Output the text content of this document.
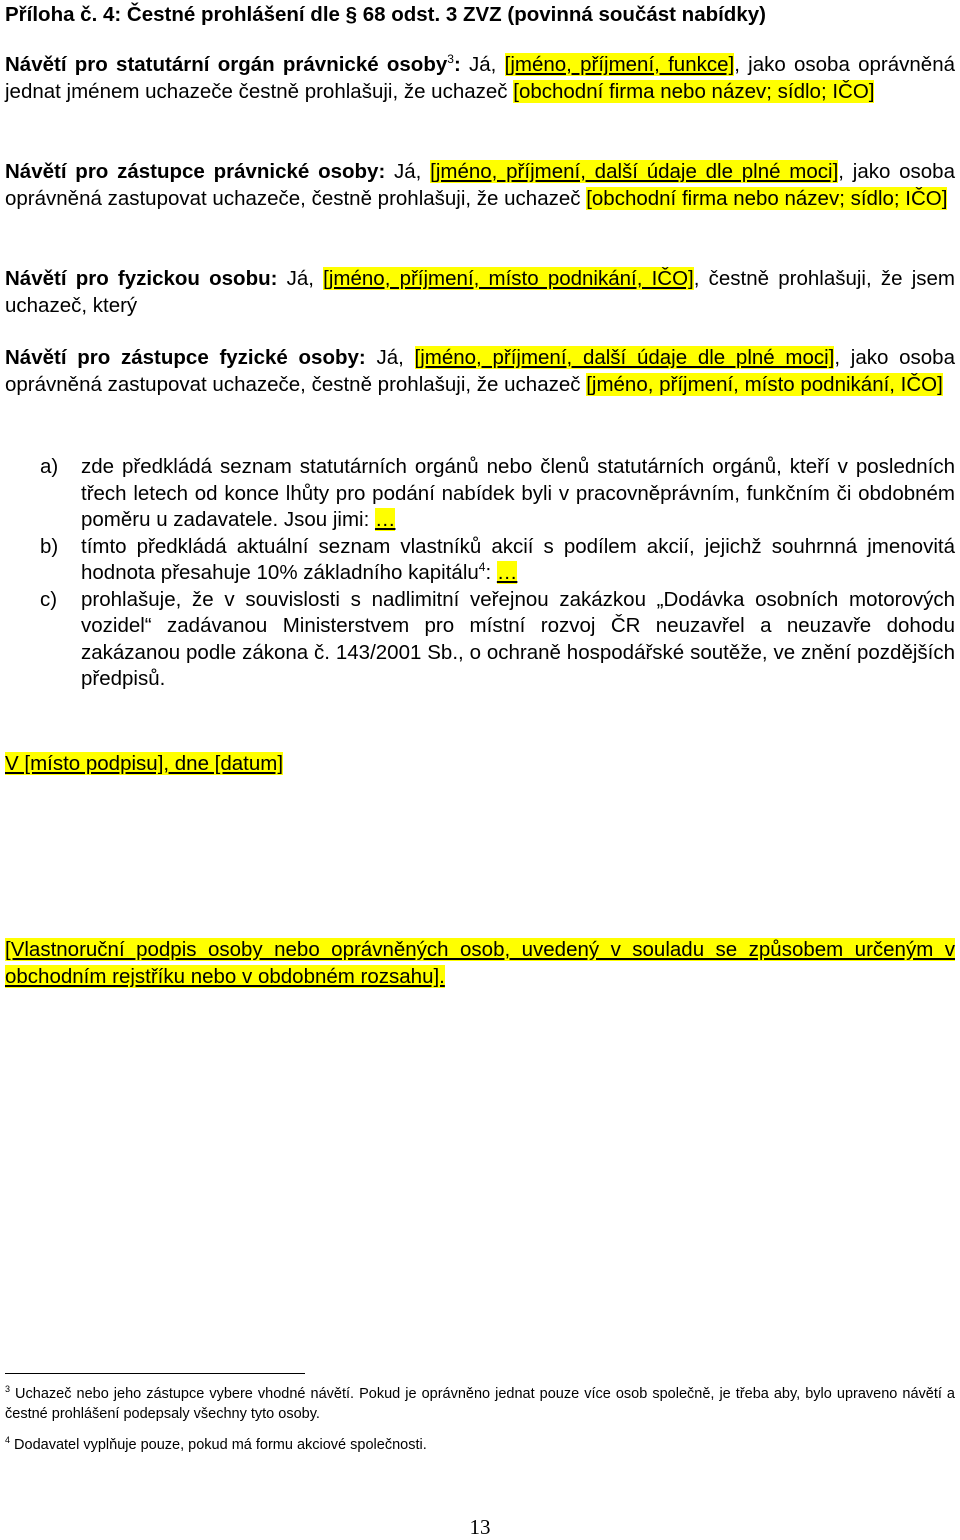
Příloha č. 4: Čestné prohlášení dle § 68 odst. 3 ZVZ (povinná součást nabídky)
Návětí pro statutární orgán právnické osoby$^3$: Já, [jméno, příjmení, funkce], jako osoba oprávněná jednat jménem uchazeče čestně prohlašuji, že uchazeč [obchodní firma nebo název; sídlo; IČO]
Návětí pro zástupce právnické osoby: Já, [jméno, příjmení, další údaje dle plné moci], jako osoba oprávněná zastupovat uchazeče, čestně prohlašuji, že uchazeč [obchodní firma nebo název; sídlo; IČO]
Návětí pro fyzickou osobu: Já, [jméno, příjmení, místo podnikání, IČO], čestně prohlašuji, že jsem uchazeč, který
Návětí pro zástupce fyzické osoby: Já, [jméno, příjmení, další údaje dle plné moci], jako osoba oprávněná zastupovat uchazeče, čestně prohlašuji, že uchazeč [jméno, příjmení, místo podnikání, IČO]
a) zde předkládá seznam statutárních orgánů nebo členů statutárních orgánů, kteří v posledních třech letech od konce lhůty pro podání nabídek byli v pracovněprávním, funkčním či obdobném poměru u zadavatele. Jsou jimi: …
b) tímto předkládá aktuální seznam vlastníků akcií s podílem akcií, jejichž souhrnná jmenovitá hodnota přesahuje 10% základního kapitálu$^4$: …
c) prohlašuje, že v souvislosti s nadlimitní veřejnou zakázkou „Dodávka osobních motorových vozidel“ zadávanou Ministerstvem pro místní rozvoj ČR neuzavřel a neuzavře dohodu zakázanou podle zákona č. 143/2001 Sb., o ochraně hospodářské soutěže, ve znění pozdějších předpisů.
V [místo podpisu], dne [datum]
[Vlastnoruční podpis osoby nebo oprávněných osob, uvedený v souladu se způsobem určeným v obchodním rejstříku nebo v obdobném rozsahu].
$^3$ Uchazeč nebo jeho zástupce vybere vhodné návětí. Pokud je oprávněno jednat pouze více osob společně, je třeba aby, bylo upraveno návětí a čestné prohlášení podepsaly všechny tyto osoby.
$^4$ Dodavatel vyplňuje pouze, pokud má formu akciové společnosti.
13
